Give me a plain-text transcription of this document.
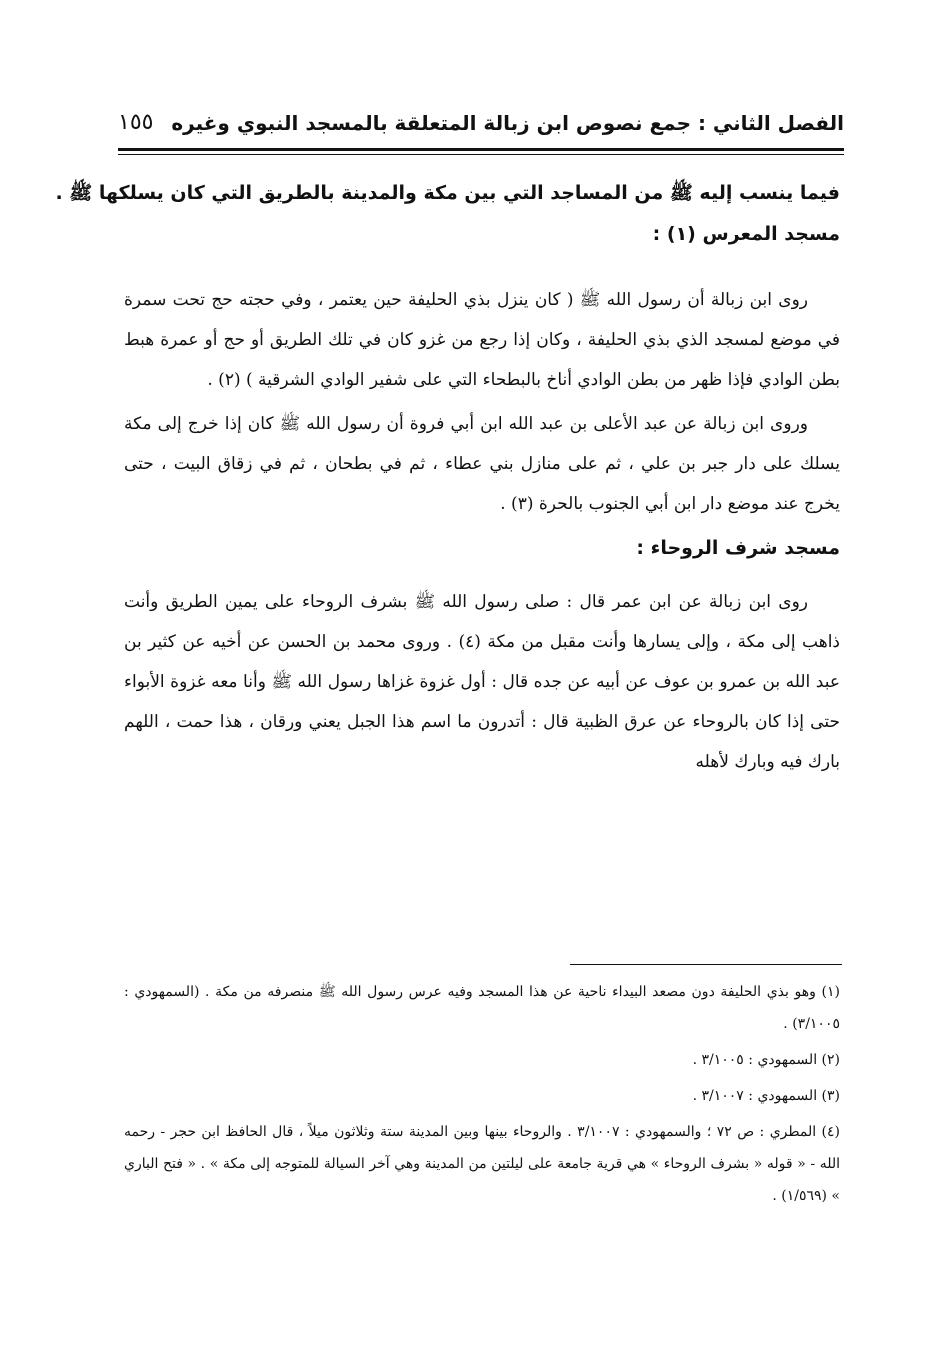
الفصل الثاني : جمع نصوص ابن زبالة المتعلقة بالمسجد النبوي وغيره
١٥٥

فيما ينسب إليه ﷺ من المساجد التي بين مكة والمدينة بالطريق التي كان يسلكها ﷺ .

مسجد المعرس (١) :

روى ابن زبالة أن رسول الله ﷺ ( كان ينزل بذي الحليفة حين يعتمر ، وفي حجته حج تحت سمرة في موضع لمسجد الذي بذي الحليفة ، وكان إذا رجع من غزو كان في تلك الطريق أو حج أو عمرة هبط بطن الوادي فإذا ظهر من بطن الوادي أناخ بالبطحاء التي على شفير الوادي الشرقية ) (٢) .

وروى ابن زبالة عن عبد الأعلى بن عبد الله ابن أبي فروة أن رسول الله ﷺ كان إذا خرج إلى مكة يسلك على دار جبر بن علي ، ثم على منازل بني عطاء ، ثم في بطحان ، ثم في زقاق البيت ، حتى يخرج عند موضع دار ابن أبي الجنوب بالحرة (٣) .

مسجد شرف الروحاء :

روى ابن زبالة عن ابن عمر قال : صلى رسول الله ﷺ بشرف الروحاء على يمين الطريق وأنت ذاهب إلى مكة ، وإلى يسارها وأنت مقبل من مكة (٤) . وروى محمد بن الحسن عن أخيه عن كثير بن عبد الله بن عمرو بن عوف عن أبيه عن جده قال : أول غزوة غزاها رسول الله ﷺ وأنا معه غزوة الأبواء حتى إذا كان بالروحاء عن عرق الظبية قال : أتدرون ما اسم هذا الجبل يعني ورقان ، هذا حمت ، اللهم بارك فيه وبارك لأهله

(١) وهو بذي الحليفة دون مصعد البيداء ناحية عن هذا المسجد وفيه عرس رسول الله ﷺ منصرفه من مكة . (السمهودي : ٣/١٠٠٥) .

(٢) السمهودي : ٣/١٠٠٥ .

(٣) السمهودي : ٣/١٠٠٧ .

(٤) المطري : ص ٧٢ ؛ والسمهودي : ٣/١٠٠٧ . والروحاء بينها وبين المدينة ستة وثلاثون ميلاً ، قال الحافظ ابن حجر - رحمه الله - « قوله « بشرف الروحاء » هي قرية جامعة على ليلتين من المدينة وهي آخر السيالة للمتوجه إلى مكة » . « فتح الباري » (١/٥٦٩) .
